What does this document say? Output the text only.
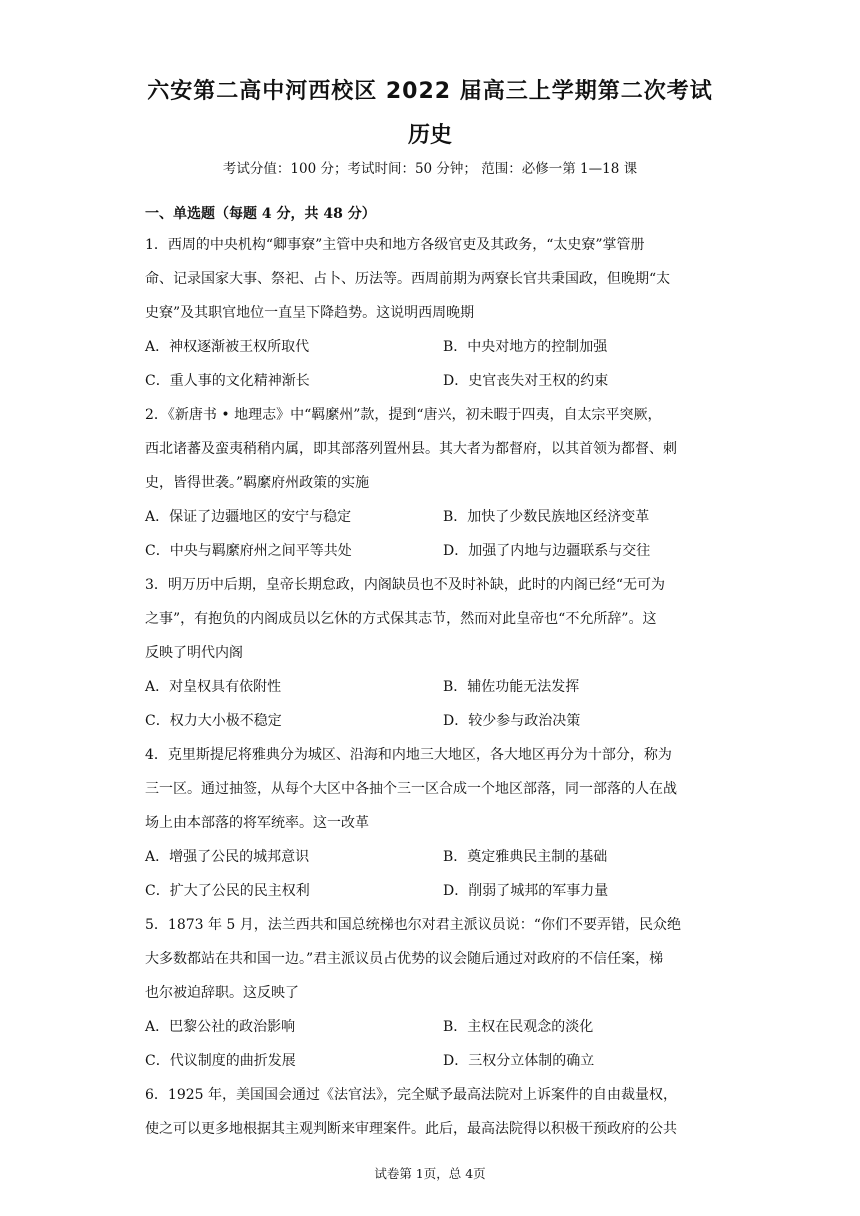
六安第二高中河西校区 2022 届高三上学期第二次考试
历史
考试分值：100 分；考试时间：50 分钟； 范围：必修一第 1—18 课
一、单选题（每题 4 分，共 48 分）
1．西周的中央机构“卿事寮”主管中央和地方各级官吏及其政务，“太史寮”掌管册
命、记录国家大事、祭祀、占卜、历法等。西周前期为两寮长官共秉国政，但晚期“太
史寮”及其职官地位一直呈下降趋势。这说明西周晚期
A．神权逐渐被王权所取代	B．中央对地方的控制加强
C．重人事的文化精神渐长	D．史官丧失对王权的约束
2．《新唐书 • 地理志》中“羁縻州”款，提到“唐兴，初未暇于四夷，自太宗平突厥，
西北诸蕃及蛮夷稍稍内属，即其部落列置州县。其大者为都督府，以其首领为都督、刺
史，皆得世袭。”羁縻府州政策的实施
A．保证了边疆地区的安宁与稳定	B．加快了少数民族地区经济变革
C．中央与羁縻府州之间平等共处	D．加强了内地与边疆联系与交往
3．明万历中后期，皇帝长期怠政，内阁缺员也不及时补缺，此时的内阁已经“无可为
之事”，有抱负的内阁成员以乞休的方式保其志节，然而对此皇帝也“不允所辞”。这
反映了明代内阁
A．对皇权具有依附性	B．辅佐功能无法发挥
C．权力大小极不稳定	D．较少参与政治决策
4．克里斯提尼将雅典分为城区、沿海和内地三大地区，各大地区再分为十部分，称为
三一区。通过抽签，从每个大区中各抽个三一区合成一个地区部落，同一部落的人在战
场上由本部落的将军统率。这一改革
A．增强了公民的城邦意识	B．奠定雅典民主制的基础
C．扩大了公民的民主权利	D．削弱了城邦的军事力量
5．1873 年 5 月，法兰西共和国总统梯也尔对君主派议员说：“你们不要弄错，民众绝
大多数都站在共和国一边。”君主派议员占优势的议会随后通过对政府的不信任案，梯
也尔被迫辞职。这反映了
A．巴黎公社的政治影响	B．主权在民观念的淡化
C．代议制度的曲折发展	D．三权分立体制的确立
6．1925 年，美国国会通过《法官法》，完全赋予最高法院对上诉案件的自由裁量权，
使之可以更多地根据其主观判断来审理案件。此后，最高法院得以积极干预政府的公共
试卷第 1页，总 4页
